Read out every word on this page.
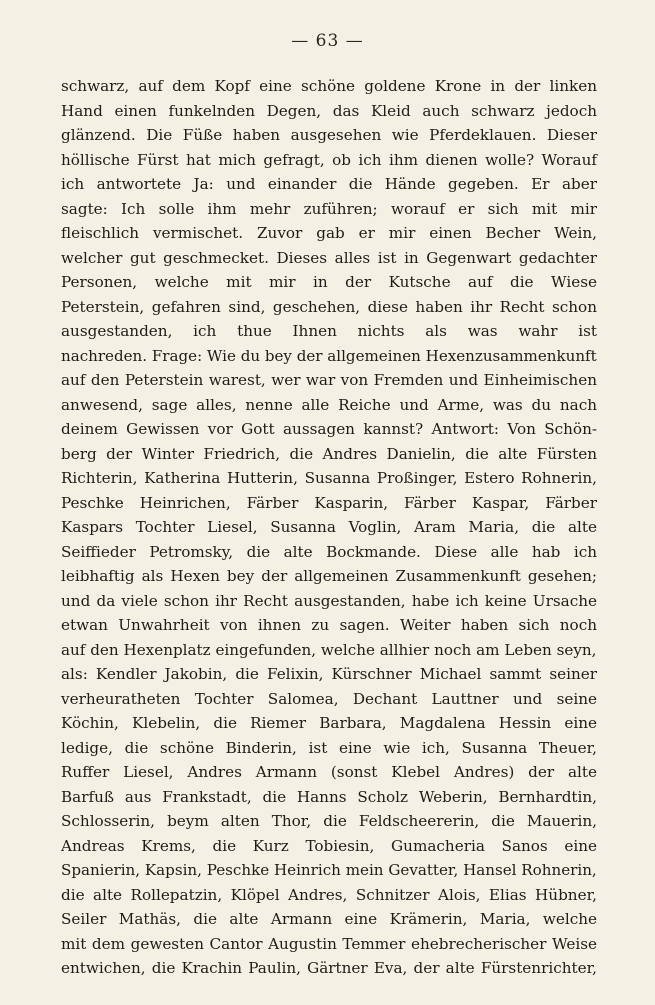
— 63 —
schwarz, auf dem Kopf eine schöne goldene Krone in der linken
Hand einen funkelnden Degen, das Kleid auch schwarz jedoch
glänzend. Die Füße haben ausgesehen wie Pferdeklauen. Dieser
höllische Fürst hat mich gefragt, ob ich ihm dienen wolle? Worauf
ich antwortete Ja: und einander die Hände gegeben. Er aber
sagte: Ich solle ihm mehr zuführen; worauf er sich mit mir
fleischlich vermischet. Zuvor gab er mir einen Becher Wein,
welcher gut geschmecket. Dieses alles ist in Gegenwart gedachter
Personen, welche mit mir in der Kutsche auf die Wiese
Peterstein, gefahren sind, geschehen, diese haben ihr Recht schon
ausgestanden, ich thue Ihnen nichts als was wahr ist
nachreden. Frage: Wie du bey der allgemeinen Hexenzusammenkunft
auf den Peterstein warest, wer war von Fremden und Einheimischen
anwesend, sage alles, nenne alle Reiche und Arme, was du nach
deinem Gewissen vor Gott aussagen kannst? Antwort: Von Schön-
berg der Winter Friedrich, die Andres Danielin, die alte Fürsten
Richterin, Katherina Hutterin, Susanna Proßinger, Estero Rohnerin,
Peschke Heinrichen, Färber Kasparin, Färber Kaspar, Färber
Kaspars Tochter Liesel, Susanna Voglin, Aram Maria, die alte
Seiffieder Petromsky, die alte Bockmande. Diese alle hab ich
leibhaftig als Hexen bey der allgemeinen Zusammenkunft gesehen;
und da viele schon ihr Recht ausgestanden, habe ich keine Ursache
etwan Unwahrheit von ihnen zu sagen. Weiter haben sich noch
auf den Hexenplatz eingefunden, welche allhier noch am Leben seyn,
als: Kendler Jakobin, die Felixin, Kürschner Michael sammt seiner
verheuratheten Tochter Salomea, Dechant Lauttner und seine
Köchin, Klebelin, die Riemer Barbara, Magdalena Hessin eine
ledige, die schöne Binderin, ist eine wie ich, Susanna Theuer,
Ruffer Liesel, Andres Armann (sonst Klebel Andres) der alte
Barfuß aus Frankstadt, die Hanns Scholz Weberin, Bernhardtin,
Schlosserin, beym alten Thor, die Feldscheererin, die Mauerin,
Andreas Krems, die Kurz Tobiesin, Gumacheria Sanos eine
Spanierin, Kapsin, Peschke Heinrich mein Gevatter, Hansel Rohnerin,
die alte Rollepatzin, Klöpel Andres, Schnitzer Alois, Elias Hübner,
Seiler Mathäs, die alte Armann eine Krämerin, Maria, welche
mit dem gewesten Cantor Augustin Temmer ehebrecherischer Weise
entwichen, die Krachin Paulin, Gärtner Eva, der alte Fürstenrichter,
